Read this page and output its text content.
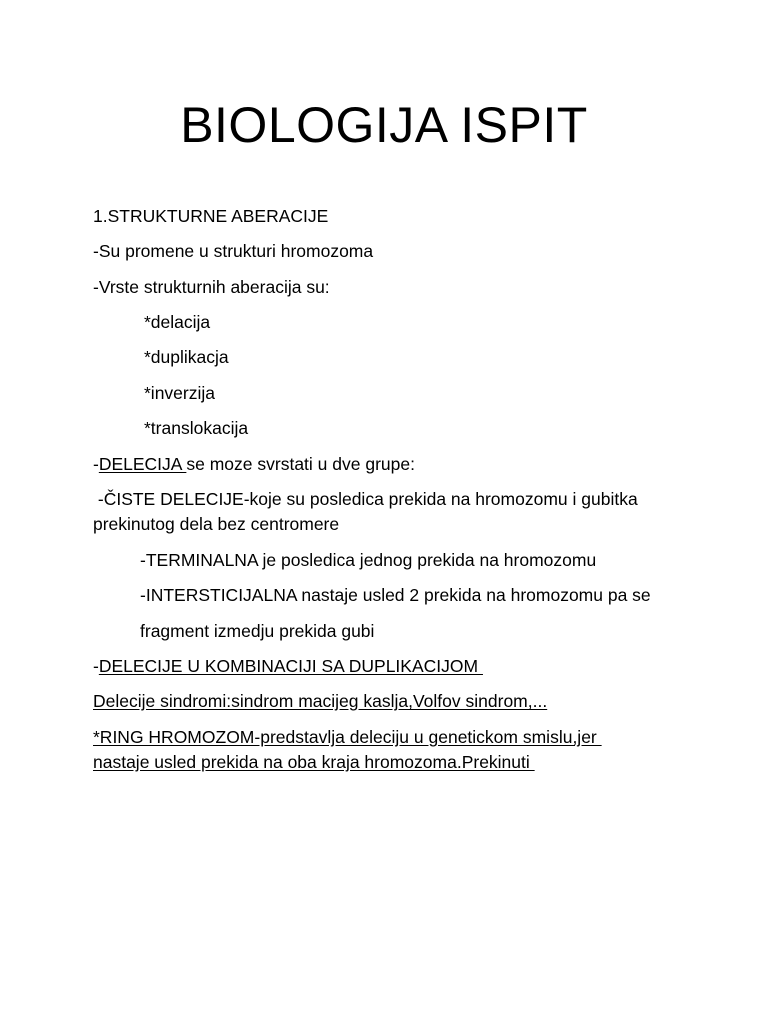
BIOLOGIJA ISPIT
1.STRUKTURNE ABERACIJE
-Su promene u strukturi hromozoma
-Vrste strukturnih aberacija su:
*delacija
*duplikacja
*inverzija
*translokacija
-DELECIJA se moze svrstati u dve grupe:
-ČISTE DELECIJE-koje su posledica prekida na hromozomu i gubitka
prekinutog dela bez centromere
-TERMINALNA je posledica jednog prekida na hromozomu
-INTERSTICIJALNA nastaje usled 2 prekida na hromozomu pa se
fragment izmedju prekida gubi
-DELECIJE U KOMBINACIJI SA DUPLIKACIJOM
Delecije sindromi:sindrom macijeg kaslja,Volfov sindrom,...
*RING HROMOZOM-predstavlja deleciju u genetickom smislu,jer
nastaje usled prekida na oba kraja hromozoma.Prekinuti
